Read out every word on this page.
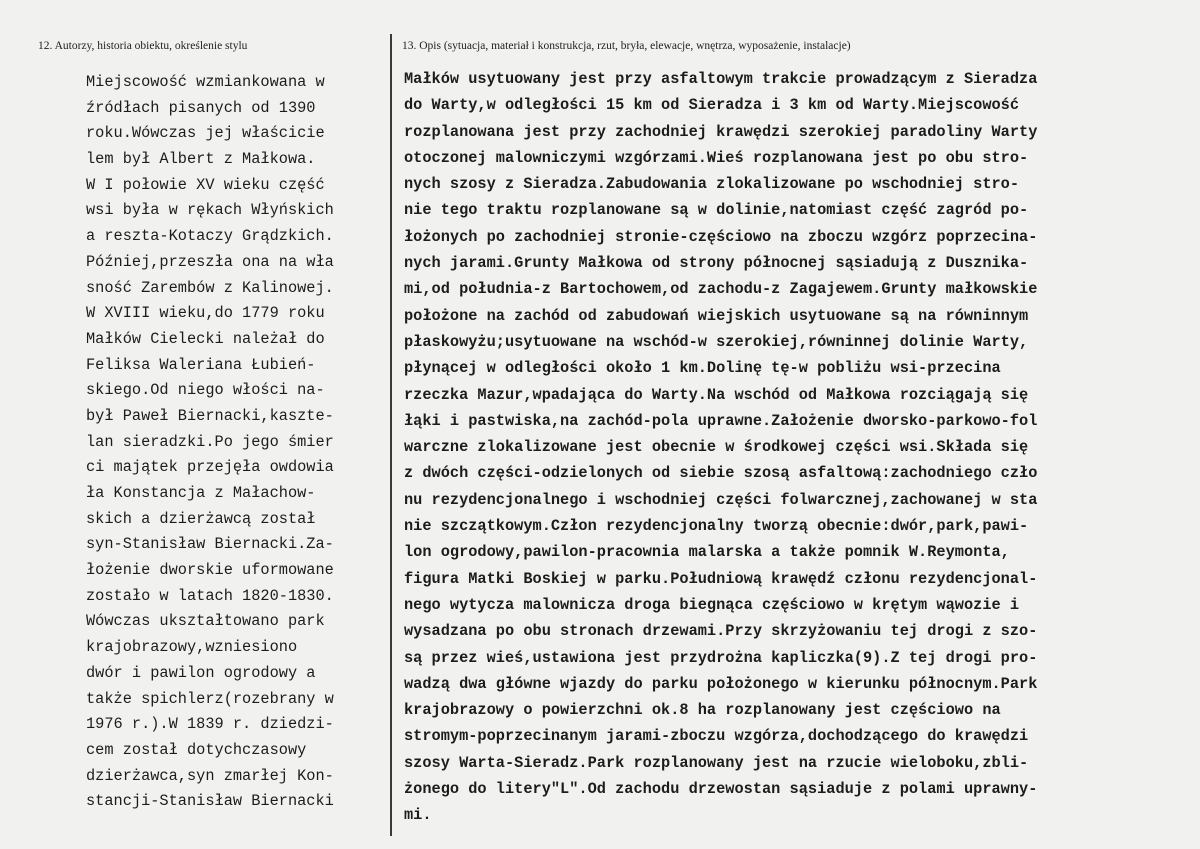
12. Autorzy, historia obiektu, określenie stylu	13. Opis (sytuacja, materiał i konstrukcja, rzut, bryła, elewacje, wnętrza, wyposażenie, instalacje)
Miejscowość wzmiankowana w
źródłach pisanych od 1390
roku.Wówczas jej właścicie
lem był Albert z Małkowa.
W I połowie XV wieku część
wsi była w rękach Włyńskich
a reszta-Kotaczy Grądzkich.
Później,przeszła ona na wła
sność Zarembów z Kalinowej.
W XVIII wieku,do 1779 roku
Małków Cielecki należał do
Feliksa Waleriana Łubień-
skiego.Od niego włości na-
był Paweł Biernacki,kaszte-
lan sieradzki.Po jego śmier
ci majątek przejęła owdowia
ła Konstancja z Małachow-
skich a dzierżawcą został
syn-Stanisław Biernacki.Za-
łożenie dworskie uformowane
zostało w latach 1820-1830.
Wówczas ukształtowano park
krajobrazowy,wzniesiono
dwór i pawilon ogrodowy a
także spichlerz(rozebrany w
1976 r.).W 1839 r. dziedzi-
cem został dotychczasowy
dzierżawca,syn zmarłej Kon-
stancji-Stanisław Biernacki
Małków usytuowany jest przy asfaltowym trakcie prowadzącym z Sieradza
do Warty,w odległości 15 km od Sieradza i 3 km od Warty.Miejscowość
rozplanowana jest przy zachodniej krawędzi szerokiej paradoliny Warty
otoczonej malowniczymi wzgórzami.Wieś rozplanowana jest po obu stro-
nych szosy z Sieradza.Zabudowania zlokalizowane po wschodniej stro-
nie tego traktu rozplanowane są w dolinie,natomiast część zagród po-
łożonych po zachodniej stronie-częściowo na zboczu wzgórz poprzecina-
nych jarami.Grunty Małkowa od strony północnej sąsiadują z Dusznika-
mi,od południa-z Bartochowem,od zachodu-z Zagajewem.Grunty małkowskie
położone na zachód od zabudowań wiejskich usytuowane są na równinnym
płaskowyżu;usytuowane na wschód-w szerokiej,równinnej dolinie Warty,
płynącej w odległości około 1 km.Dolinę tę-w pobliżu wsi-przecina
rzeczka Mazur,wpadająca do Warty.Na wschód od Małkowa rozciągają się
łąki i pastwiska,na zachód-pola uprawne.Założenie dworsko-parkowo-fol
warczne zlokalizowane jest obecnie w środkowej części wsi.Składa się
z dwóch części-odzielonych od siebie szosą asfaltową:zachodniego czło
nu rezydencjonalnego i wschodniej części folwarcznej,zachowanej w sta
nie szczątkowym.Człon rezydencjonalny tworzą obecnie:dwór,park,pawi-
lon ogrodowy,pawilon-pracownia malarska a także pomnik W.Reymonta,
figura Matki Boskiej w parku.Południową krawędź członu rezydencjonal-
nego wytycza malownicza droga biegnąca częściowo w krętym wąwozie i
wysadzana po obu stronach drzewami.Przy skrzyżowaniu tej drogi z szo-
są przez wieś,ustawiona jest przydrożna kapliczka(9).Z tej drogi pro-
wadzą dwa główne wjazdy do parku położonego w kierunku północnym.Park
krajobrazowy o powierzchni ok.8 ha rozplanowany jest częściowo na
stromym-poprzecinanym jarami-zboczu wzgórza,dochodzącego do krawędzi
szosy Warta-Sieradz.Park rozplanowany jest na rzucie wieloboku,zbli-
żonego do litery"L".Od zachodu drzewostan sąsiaduje z polami uprawny-
mi.
